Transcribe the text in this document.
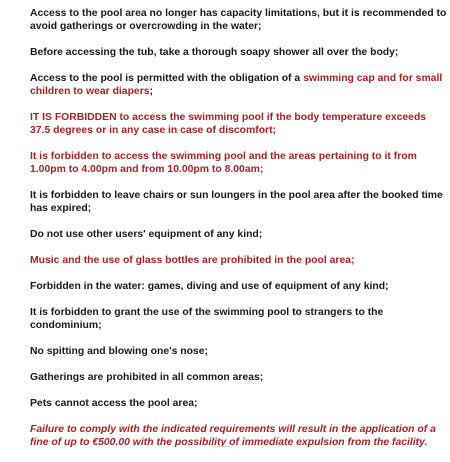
Access to the pool area no longer has capacity limitations, but it is recommended to
avoid gatherings or overcrowding in the water;

Before accessing the tub, take a thorough soapy shower all over the body;

Access to the pool is permitted with the obligation of a swimming cap and for small
children to wear diapers;

IT IS FORBIDDEN to access the swimming pool if the body temperature exceeds
37.5 degrees or in any case in case of discomfort;

It is forbidden to access the swimming pool and the areas pertaining to it from
1.00pm to 4.00pm and from 10.00pm to 8.00am;

It is forbidden to leave chairs or sun loungers in the pool area after the booked time
has expired;

Do not use other users' equipment of any kind;

Music and the use of glass bottles are prohibited in the pool area;

Forbidden in the water: games, diving and use of equipment of any kind;

It is forbidden to grant the use of the swimming pool to strangers to the
condominium;

No spitting and blowing one's nose;

Gatherings are prohibited in all common areas;

Pets cannot access the pool area;

Failure to comply with the indicated requirements will result in the application of a
fine of up to €500.00 with the possibility of immediate expulsion from the facility.
